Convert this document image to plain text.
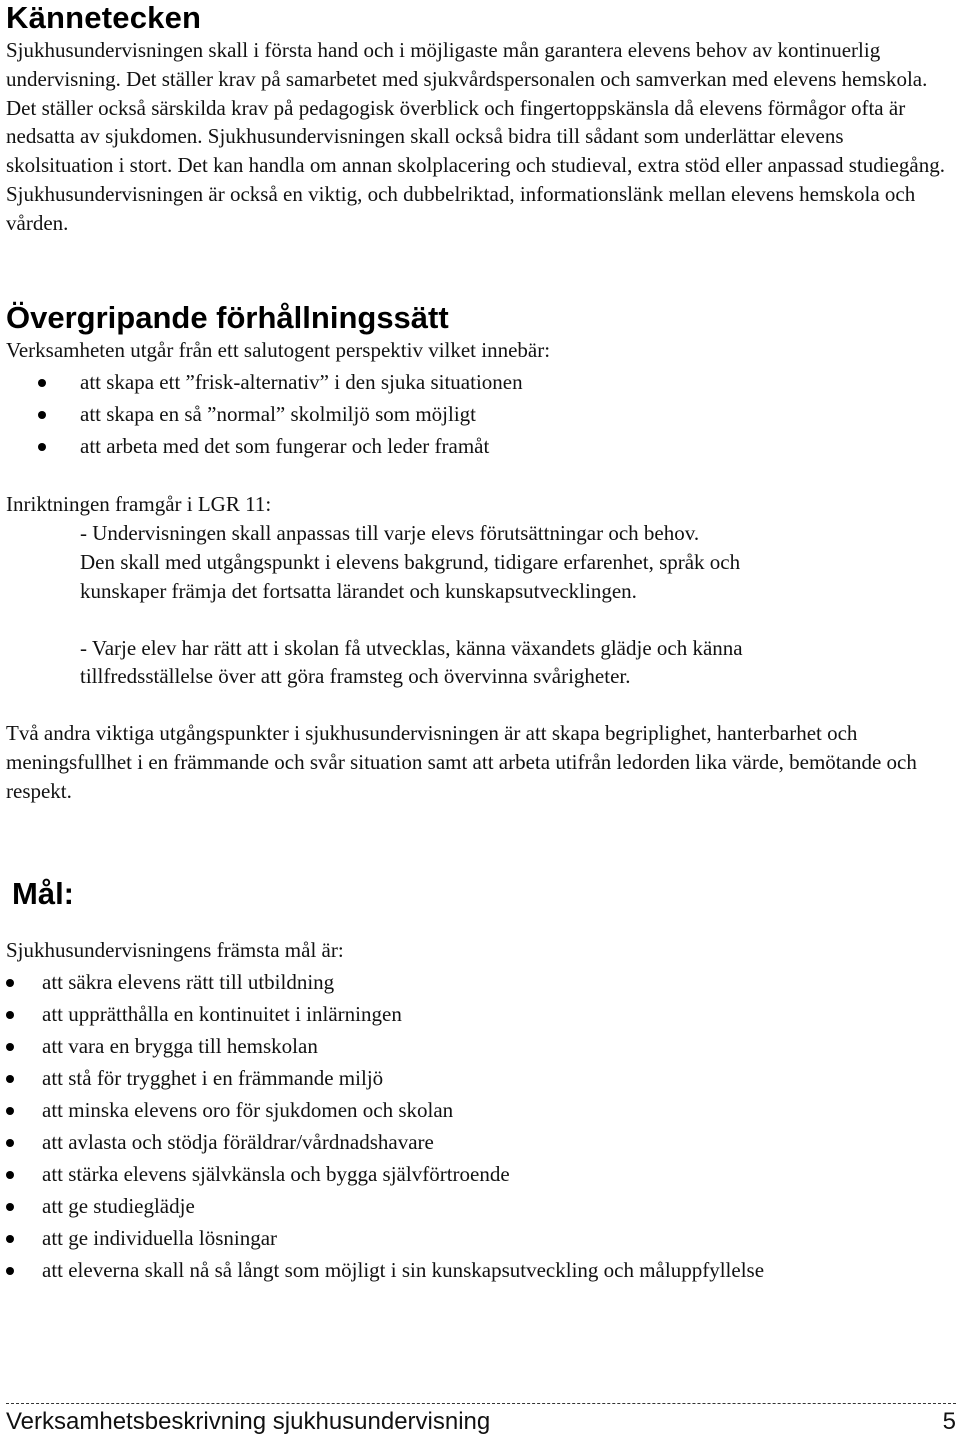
Kännetecken

Sjukhusundervisningen skall i första hand och i möjligaste mån garantera elevens behov av kontinuerlig undervisning. Det ställer krav på samarbetet med sjukvårdspersonalen och samverkan med elevens hemskola. Det ställer också särskilda krav på pedagogisk överblick och fingertoppskänsla då elevens förmågor ofta är nedsatta av sjukdomen. Sjukhusundervisningen skall också bidra till sådant som underlättar elevens skolsituation i stort. Det kan handla om annan skolplacering och studieval, extra stöd eller anpassad studiegång. Sjukhusundervisningen är också en viktig, och dubbelriktad, informationslänk mellan elevens hemskola och vården.

Övergripande förhållningssätt

Verksamheten utgår från ett salutogent perspektiv vilket innebär:

att skapa ett ”frisk-alternativ” i den sjuka situationen
att skapa en så ”normal” skolmiljö som möjligt
att arbeta med det som fungerar och leder framåt

Inriktningen framgår i LGR 11:

- Undervisningen skall anpassas till varje elevs förutsättningar och behov.

Den skall med utgångspunkt i elevens bakgrund, tidigare erfarenhet, språk och kunskaper främja det fortsatta lärandet och kunskapsutvecklingen.

- Varje elev har rätt att i skolan få utvecklas, känna växandets glädje och känna tillfredsställelse över att göra framsteg och övervinna svårigheter.

Två andra viktiga utgångspunkter i sjukhusundervisningen är att skapa begriplighet, hanterbarhet och meningsfullhet i en främmande och svår situation samt att arbeta utifrån ledorden lika värde, bemötande och respekt.

Mål:

Sjukhusundervisningens främsta mål är:

att säkra elevens rätt till utbildning
att upprätthålla en kontinuitet i inlärningen
att vara en brygga till hemskolan
att stå för trygghet i en främmande miljö
att minska elevens oro för sjukdomen och skolan
att avlasta och stödja föräldrar/vårdnadshavare
att stärka elevens självkänsla och bygga självförtroende
att ge studieglädje
att ge individuella lösningar
att eleverna skall nå så långt som möjligt i sin kunskapsutveckling och måluppfyllelse
Verksamhetsbeskrivning sjukhusundervisning	5
